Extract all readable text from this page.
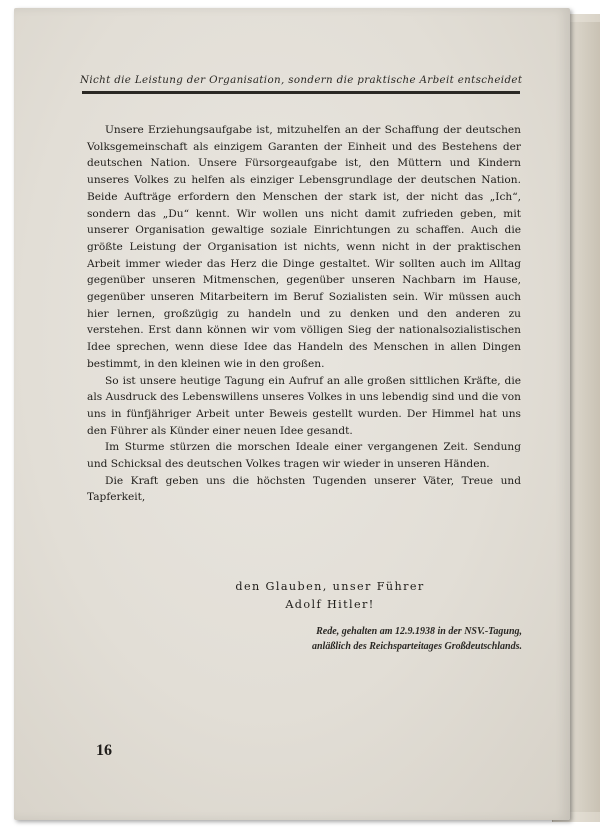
Nicht die Leistung der Organisation, sondern die praktische Arbeit entscheidet

Unsere Erziehungsaufgabe ist, mitzuhelfen an der Schaffung der deutschen Volksgemeinschaft als einzigem Garanten der Einheit und des Bestehens der deutschen Nation. Unsere Fürsorgeaufgabe ist, den Müttern und Kindern unseres Volkes zu helfen als einziger Lebensgrundlage der deutschen Nation. Beide Aufträge erfordern den Menschen der stark ist, der nicht das „Ich“, sondern das „Du“ kennt. Wir wollen uns nicht damit zufrieden geben, mit unserer Organisation gewaltige soziale Einrichtungen zu schaffen. Auch die größte Leistung der Organisation ist nichts, wenn nicht in der praktischen Arbeit immer wieder das Herz die Dinge gestaltet. Wir sollten auch im Alltag gegenüber unseren Mitmenschen, gegenüber unseren Nachbarn im Hause, gegenüber unseren Mitarbeitern im Beruf Sozialisten sein. Wir müssen auch hier lernen, großzügig zu handeln und zu denken und den anderen zu verstehen. Erst dann können wir vom völligen Sieg der nationalsozialistischen Idee sprechen, wenn diese Idee das Handeln des Menschen in allen Dingen bestimmt, in den kleinen wie in den großen.

So ist unsere heutige Tagung ein Aufruf an alle großen sittlichen Kräfte, die als Ausdruck des Lebenswillens unseres Volkes in uns lebendig sind und die von uns in fünfjähriger Arbeit unter Beweis gestellt wurden. Der Himmel hat uns den Führer als Künder einer neuen Idee gesandt.

Im Sturme stürzen die morschen Ideale einer vergangenen Zeit. Sendung und Schicksal des deutschen Volkes tragen wir wieder in unseren Händen.

Die Kraft geben uns die höchsten Tugenden unserer Väter, Treue und Tapferkeit,

den Glauben, unser Führer
Adolf Hitler!
Rede, gehalten am 12.9.1938 in der NSV.-Tagung,
anläßlich des Reichsparteitages Großdeutschlands.
16
